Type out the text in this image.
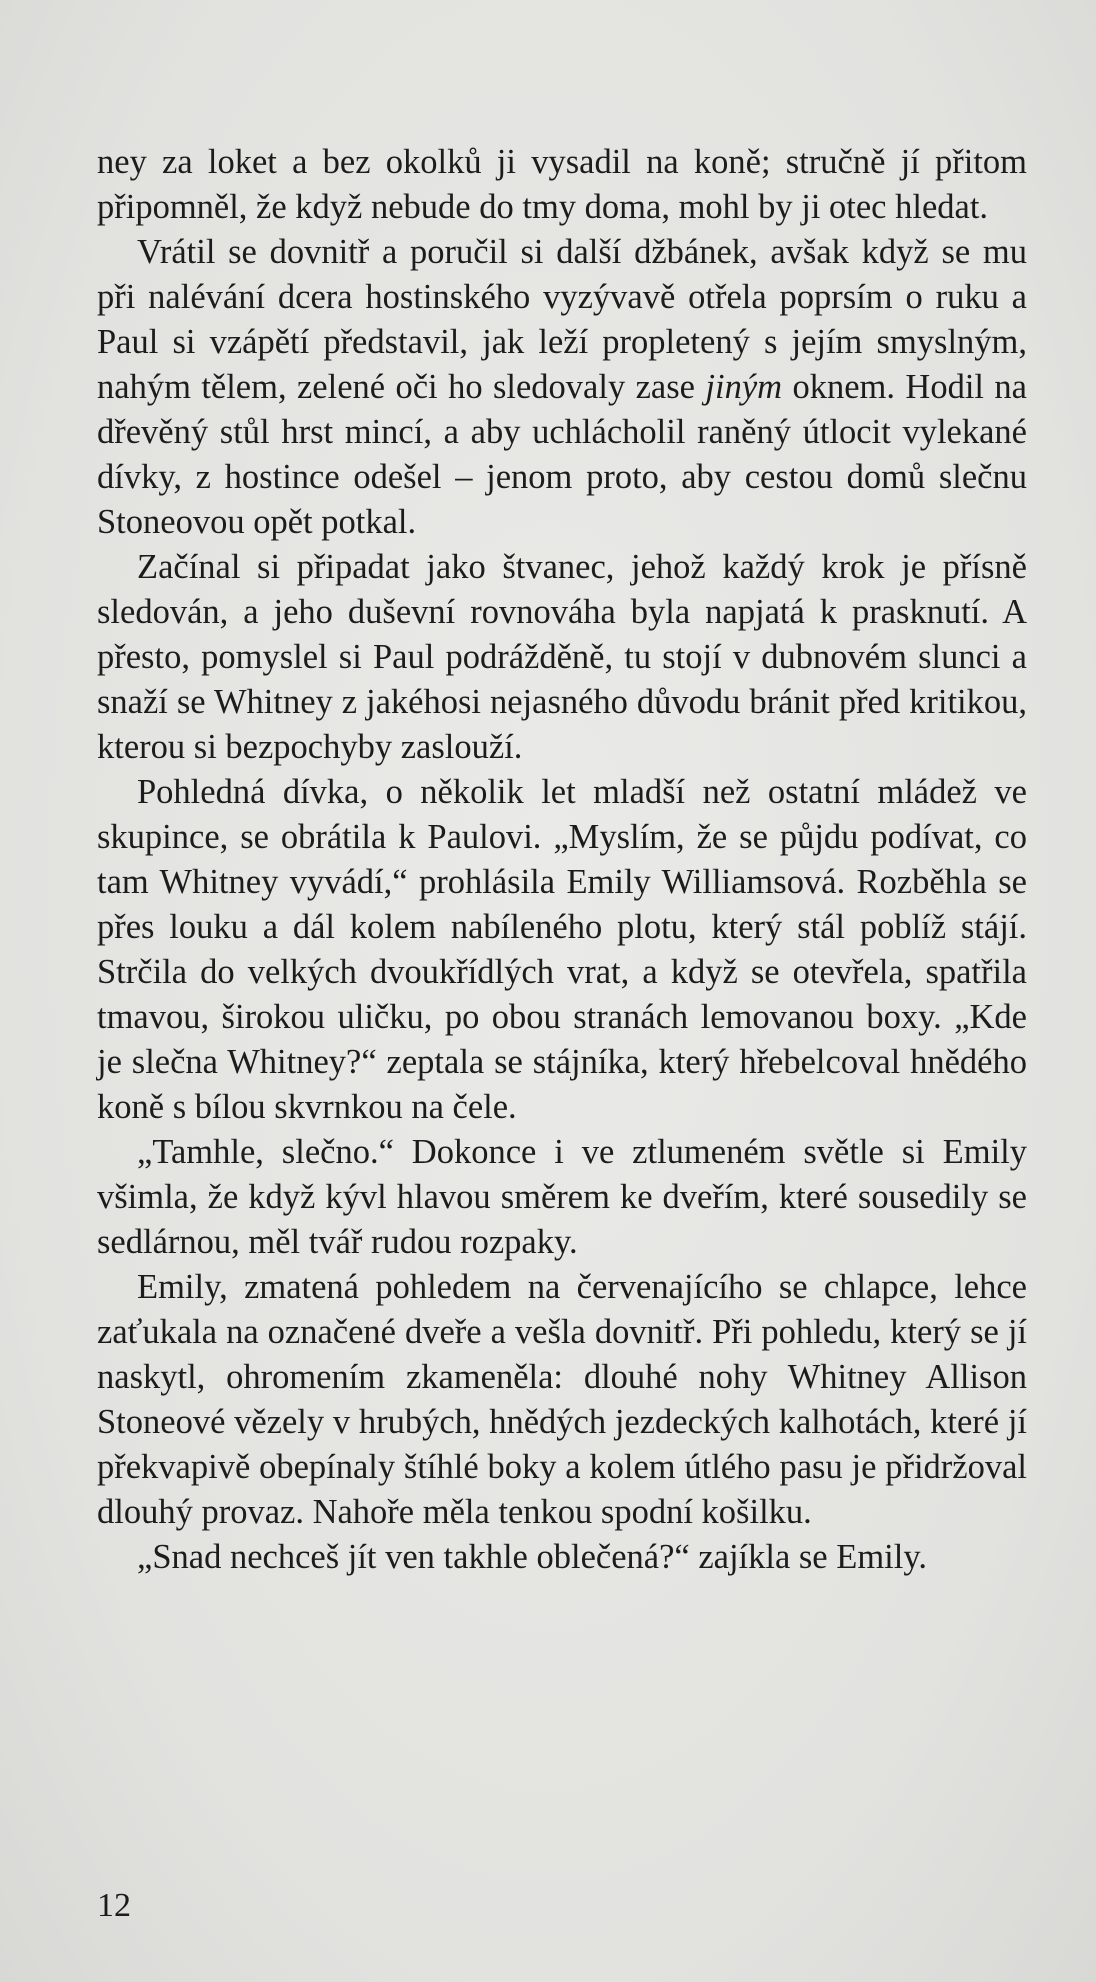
ney za loket a bez okolků ji vysadil na koně; stručně jí přitom připomněl, že když nebude do tmy doma, mohl by ji otec hledat.

Vrátil se dovnitř a poručil si další džbánek, avšak když se mu při nalévání dcera hostinského vyzývavě otřela poprsím o ruku a Paul si vzápětí představil, jak leží propletený s jejím smyslným, nahým tělem, zelené oči ho sledovaly zase jiným oknem. Hodil na dřevěný stůl hrst mincí, a aby uchlácholil raněný útlocit vylekané dívky, z hostince odešel – jenom proto, aby cestou domů slečnu Stoneovou opět potkal.

Začínal si připadat jako štvanec, jehož každý krok je přísně sledován, a jeho duševní rovnováha byla napjatá k prasknutí. A přesto, pomyslel si Paul podrážděně, tu stojí v dubnovém slunci a snaží se Whitney z jakéhosi nejasného důvodu bránit před kritikou, kterou si bezpochyby zaslouží.

Pohledná dívka, o několik let mladší než ostatní mládež ve skupince, se obrátila k Paulovi. „Myslím, že se půjdu podívat, co tam Whitney vyvádí,“ prohlásila Emily Williamsová. Rozběhla se přes louku a dál kolem nabíleného plotu, který stál poblíž stájí. Strčila do velkých dvoukřídlých vrat, a když se otevřela, spatřila tmavou, širokou uličku, po obou stranách lemovanou boxy. „Kde je slečna Whitney?“ zeptala se stájníka, který hřebelcoval hnědého koně s bílou skvrnkou na čele.

„Tamhle, slečno.“ Dokonce i ve ztlumeném světle si Emily všimla, že když kývl hlavou směrem ke dveřím, které sousedily se sedlárnou, měl tvář rudou rozpaky.

Emily, zmatená pohledem na červenajícího se chlapce, lehce zaťukala na označené dveře a vešla dovnitř. Při pohledu, který se jí naskytl, ohromením zkameněla: dlouhé nohy Whitney Allison Stoneové vězely v hrubých, hnědých jezdeckých kalhotách, které jí překvapivě obepínaly štíhlé boky a kolem útlého pasu je přidržoval dlouhý provaz. Nahoře měla tenkou spodní košilku.

„Snad nechceš jít ven takhle oblečená?“ zajíkla se Emily.

12
